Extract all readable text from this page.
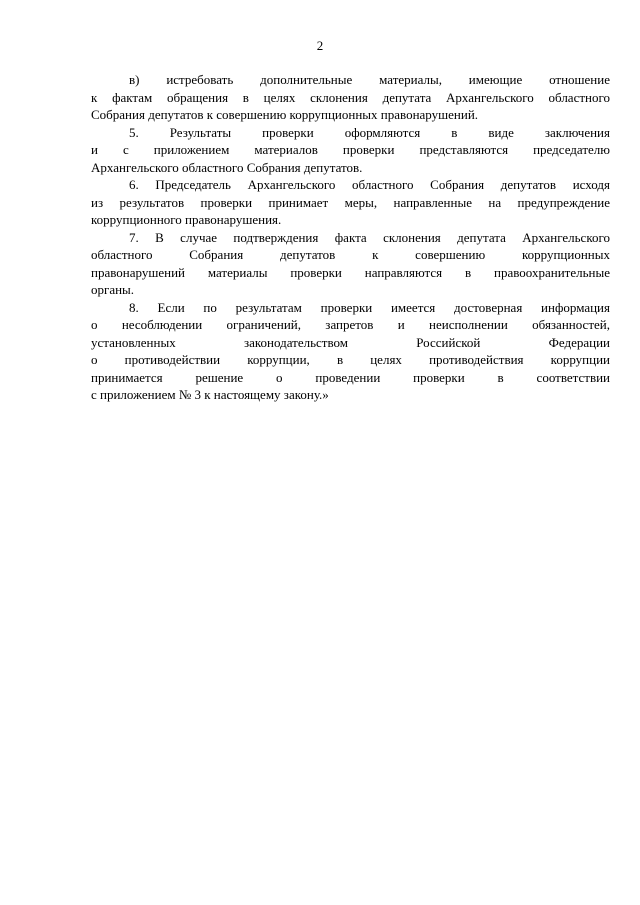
2

в) истребовать дополнительные материалы, имеющие отношение
к фактам обращения в целях склонения депутата Архангельского областного
Собрания депутатов к совершению коррупционных правонарушений.

5. Результаты проверки оформляются в виде заключения
и с приложением материалов проверки представляются председателю
Архангельского областного Собрания депутатов.

6. Председатель Архангельского областного Собрания депутатов исходя
из результатов проверки принимает меры, направленные на предупреждение
коррупционного правонарушения.

7. В случае подтверждения факта склонения депутата Архангельского
областного Собрания депутатов к совершению коррупционных
правонарушений материалы проверки направляются в правоохранительные
органы.

8. Если по результатам проверки имеется достоверная информация
о несоблюдении ограничений, запретов и неисполнении обязанностей,
установленных законодательством Российской Федерации
о противодействии коррупции, в целях противодействия коррупции
принимается решение о проведении проверки в соответствии
с приложением № 3 к настоящему закону.»
